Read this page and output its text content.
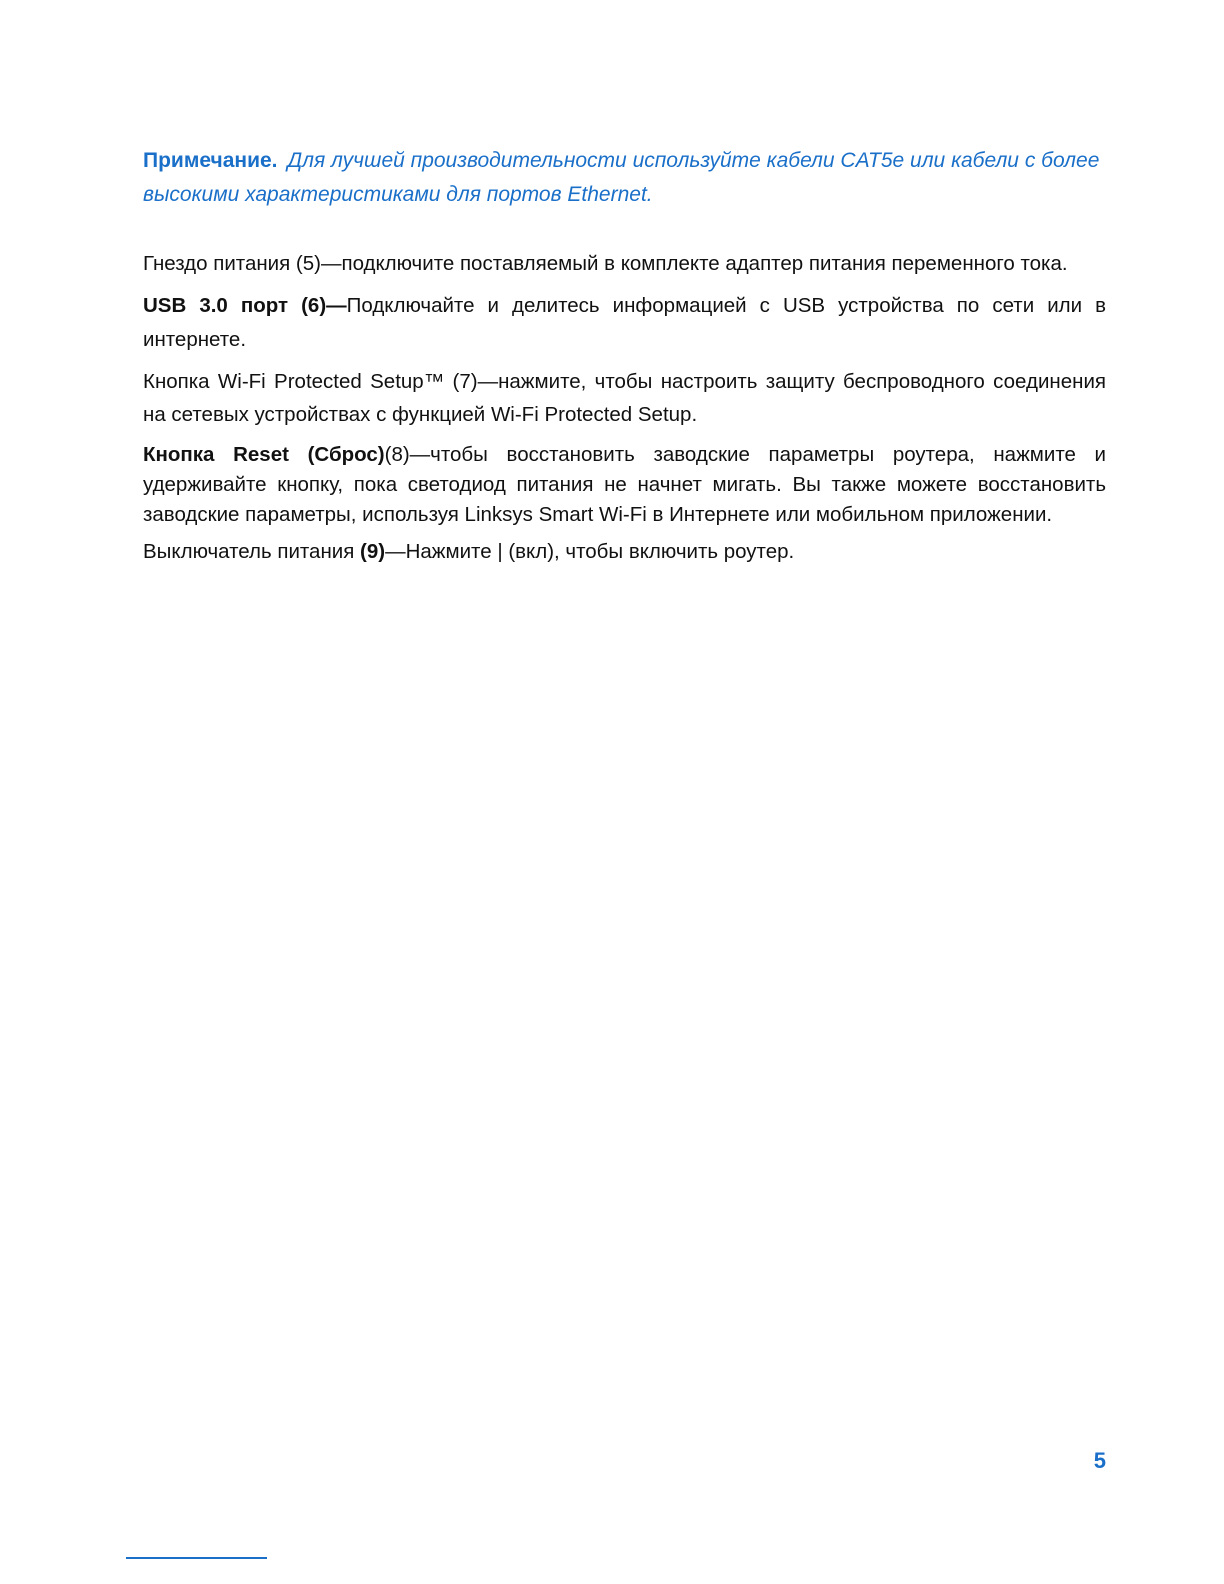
Примечание. Для лучшей производительности используйте кабели CAT5e или кабели с более высокими характеристиками для портов Ethernet.

Гнездо питания (5)—подключите поставляемый в комплекте адаптер питания переменного тока.

USB 3.0 порт (6)—Подключайте и делитесь информацией с USB устройства по сети или в интернете.

Кнопка Wi-Fi Protected Setup™ (7)—нажмите, чтобы настроить защиту беспроводного соединения на сетевых устройствах с функцией Wi-Fi Protected Setup.

Кнопка Reset (Сброс)(8)—чтобы восстановить заводские параметры роутера, нажмите и удерживайте кнопку, пока светодиод питания не начнет мигать. Вы также можете восстановить заводские параметры, используя Linksys Smart Wi-Fi в Интернете или мобильном приложении.

Выключатель питания (9)—Нажмите | (вкл), чтобы включить роутер.

5
